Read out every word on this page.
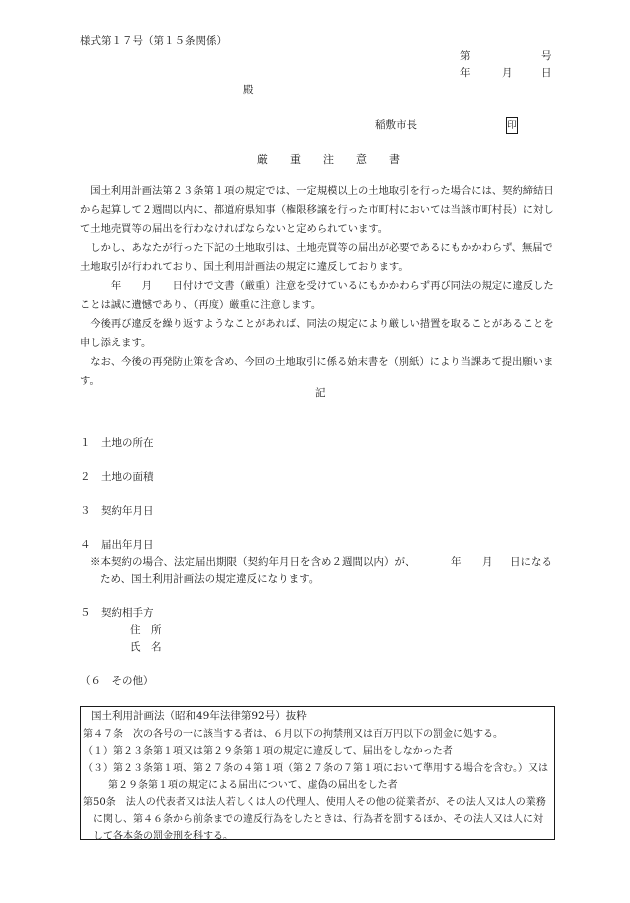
様式第１７号（第１５条関係）
第	号
年	月	日
殿
稲敷市長	印
厳　　重　　注　　意　　書

国土利用計画法第２３条第１項の規定では、一定規模以上の土地取引を行った場合には、契約締結日から起算して２週間以内に、都道府県知事（権限移譲を行った市町村においては当該市町村長）に対して土地売買等の届出を行わなければならないと定められています。

しかし、あなたが行った下記の土地取引は、土地売買等の届出が必要であるにもかかわらず、無届で土地取引が行われており、国土利用計画法の規定に違反しております。

年　　月　　日付けで文書（厳重）注意を受けているにもかかわらず再び同法の規定に違反したことは誠に遺憾であり、（再度）厳重に注意します。

今後再び違反を繰り返すようなことがあれば、同法の規定により厳しい措置を取ることがあることを申し添えます。

なお、今後の再発防止策を含め、今回の土地取引に係る始末書を（別紙）により当課あて提出願います。

記
１　土地の所在
２　土地の面積
３　契約年月日
４　届出年月日
※本契約の場合、法定届出期限（契約年月日を含め２週間以内）が、	年 月 日になる
ため、国土利用計画法の規定違反になります。
５　契約相手方
住　所
氏　名
（６　その他）
国土利用計画法（昭和49年法律第92号）抜粋

第４７条　次の各号の一に該当する者は、６月以下の拘禁刑又は百万円以下の罰金に処する。

（１）第２３条第１項又は第２９条第１項の規定に違反して、届出をしなかった者

（３）第２３条第１項、第２７条の４第１項（第２７条の７第１項において準用する場合を含む。）又は第２９条第１項の規定による届出について、虚偽の届出をした者

第50条　法人の代表者又は法人若しくは人の代理人、使用人その他の従業者が、その法人又は人の業務に関し、第４６条から前条までの違反行為をしたときは、行為者を罰するほか、その法人又は人に対して各本条の罰金刑を科する。
